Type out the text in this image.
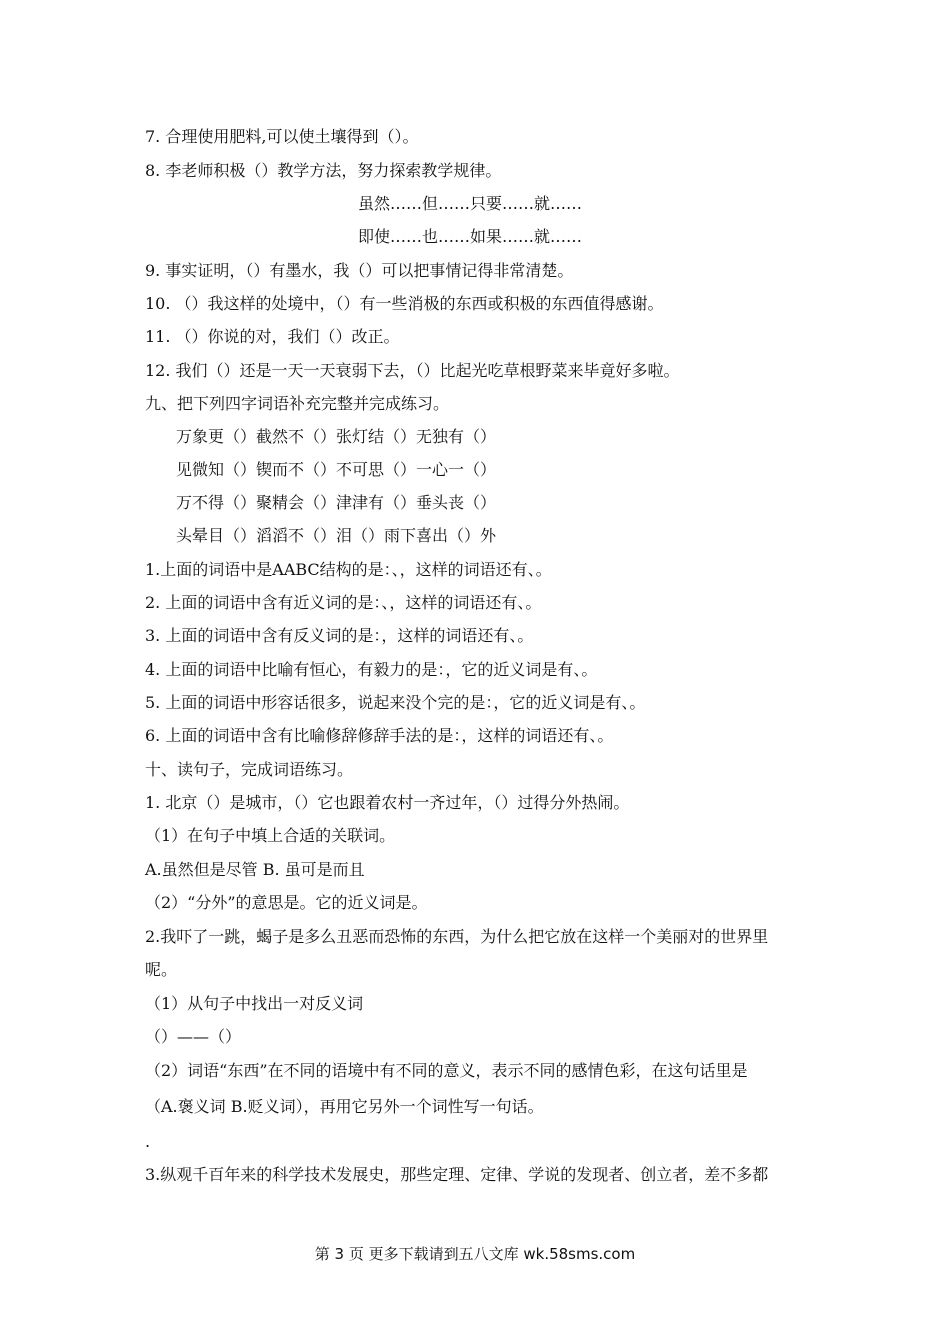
7. 合理使用肥料,可以使土壤得到（）。
8. 李老师积极（）教学方法，努力探索教学规律。
虽然……但……只要……就……
即使……也……如果……就……
9. 事实证明，（）有墨水，我（）可以把事情记得非常清楚。
10. （）我这样的处境中，（）有一些消极的东西或积极的东西值得感谢。
11. （）你说的对，我们（）改正。
12. 我们（）还是一天一天衰弱下去，（）比起光吃草根野菜来毕竟好多啦。
九、把下列四字词语补充完整并完成练习。
万象更（）截然不（）张灯结（）无独有（）
见微知（）锲而不（）不可思（）一心一（）
万不得（）聚精会（）津津有（）垂头丧（）
头晕目（）滔滔不（）泪（）雨下喜出（）外
1.上面的词语中是AABC结构的是：、，这样的词语还有、。
2. 上面的词语中含有近义词的是：、，这样的词语还有、。
3. 上面的词语中含有反义词的是：，这样的词语还有、。
4. 上面的词语中比喻有恒心，有毅力的是：，它的近义词是有、。
5. 上面的词语中形容话很多，说起来没个完的是：，它的近义词是有、。
6. 上面的词语中含有比喻修辞修辞手法的是：，这样的词语还有、。
十、读句子，完成词语练习。
1. 北京（）是城市，（）它也跟着农村一齐过年，（）过得分外热闹。
（1）在句子中填上合适的关联词。
A.虽然但是尽管 B. 虽可是而且
（2）“分外”的意思是。它的近义词是。
2.我吓了一跳，蝎子是多么丑恶而恐怖的东西，为什么把它放在这样一个美丽对的世界里
呢。
（1）从句子中找出一对反义词
（）——（）
（2）词语“东西”在不同的语境中有不同的意义，表示不同的感情色彩，在这句话里是
（A.褒义词 B.贬义词），再用它另外一个词性写一句话。
.
3.纵观千百年来的科学技术发展史，那些定理、定律、学说的发现者、创立者，差不多都
第 3 页 更多下载请到五八文库 wk.58sms.com
